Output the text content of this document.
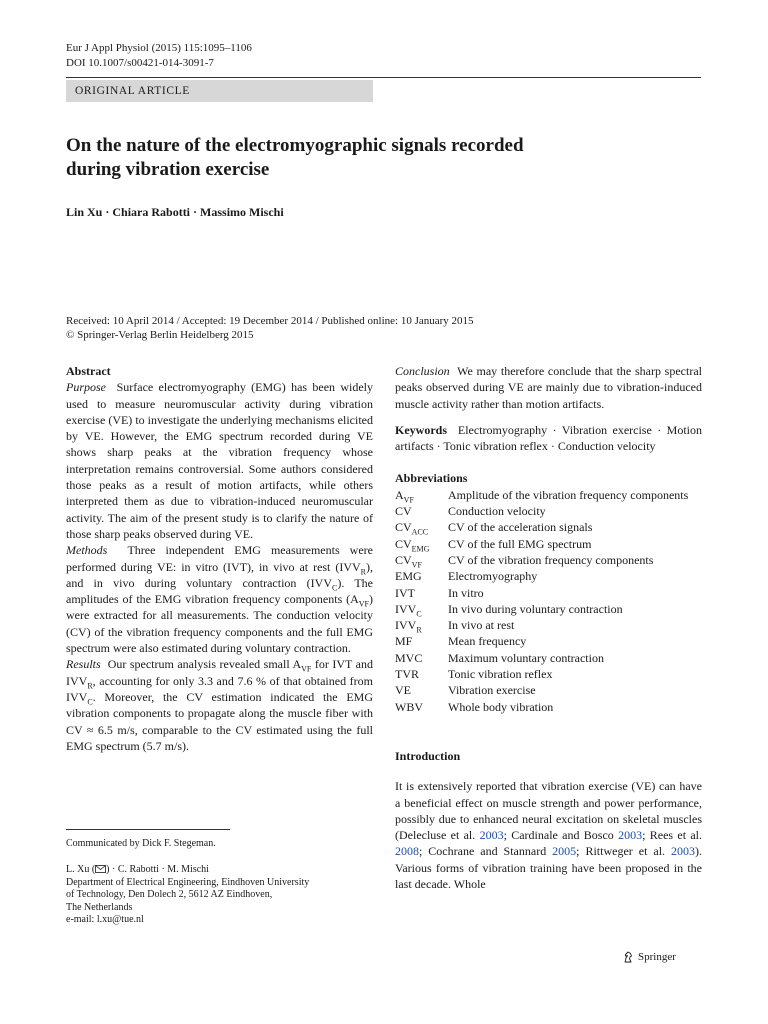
Eur J Appl Physiol (2015) 115:1095–1106
DOI 10.1007/s00421-014-3091-7
ORIGINAL ARTICLE
On the nature of the electromyographic signals recorded
during vibration exercise
Lin Xu · Chiara Rabotti · Massimo Mischi
Received: 10 April 2014 / Accepted: 19 December 2014 / Published online: 10 January 2015
© Springer-Verlag Berlin Heidelberg 2015

Abstract

Purpose Surface electromyography (EMG) has been widely used to measure neuromuscular activity during vibration exercise (VE) to investigate the underlying mechanisms elicited by VE. However, the EMG spectrum recorded during VE shows sharp peaks at the vibration frequency whose interpretation remains controversial. Some authors considered those peaks as a result of motion artifacts, while others interpreted them as due to vibration-induced neuromuscular activity. The aim of the present study is to clarify the nature of those sharp peaks observed during VE.

Methods Three independent EMG measurements were performed during VE: in vitro (IVT), in vivo at rest $(IVV_R)$, and in vivo during voluntary contraction $(IVV_C)$. The amplitudes of the EMG vibration frequency components $(A_{VF})$ were extracted for all measurements. The conduction velocity (CV) of the vibration frequency components and the full EMG spectrum were also estimated during voluntary contraction.

Results Our spectrum analysis revealed small $A_{VF}$ for IVT and $IVV_R$, accounting for only 3.3 and 7.6 % of that obtained from $IVV_C$. Moreover, the CV estimation indicated the EMG vibration components to propagate along the muscle fiber with CV ≈ 6.5 m/s, comparable to the CV estimated using the full EMG spectrum (5.7 m/s).

Conclusion We may therefore conclude that the sharp spectral peaks observed during VE are mainly due to vibration-induced muscle activity rather than motion artifacts.

Keywords Electromyography · Vibration exercise · Motion artifacts · Tonic vibration reflex · Conduction velocity

Abbreviations

$A_{VF}$	Amplitude of the vibration frequency components
CV	Conduction velocity
$CV_{ACC}$	CV of the acceleration signals
$CV_{EMG}$	CV of the full EMG spectrum
$CV_{VF}$	CV of the vibration frequency components
EMG	Electromyography
IVT	In vitro
$IVV_C$	In vivo during voluntary contraction
$IVV_R$	In vivo at rest
MF	Mean frequency
MVC	Maximum voluntary contraction
TVR	Tonic vibration reflex
VE	Vibration exercise
WBV	Whole body vibration

Introduction

It is extensively reported that vibration exercise (VE) can have a beneficial effect on muscle strength and power performance, possibly due to enhanced neural excitation on skeletal muscles (Delecluse et al. 2003; Cardinale and Bosco 2003; Rees et al. 2008; Cochrane and Stannard 2005; Rittweger et al. 2003). Various forms of vibration training have been proposed in the last decade. Whole

Communicated by Dick F. Stegeman.
L. Xu ( ) · C. Rabotti · M. Mischi
Department of Electrical Engineering, Eindhoven University
of Technology, Den Dolech 2, 5612 AZ Eindhoven,
The Netherlands
e-mail: l.xu@tue.nl
Springer
